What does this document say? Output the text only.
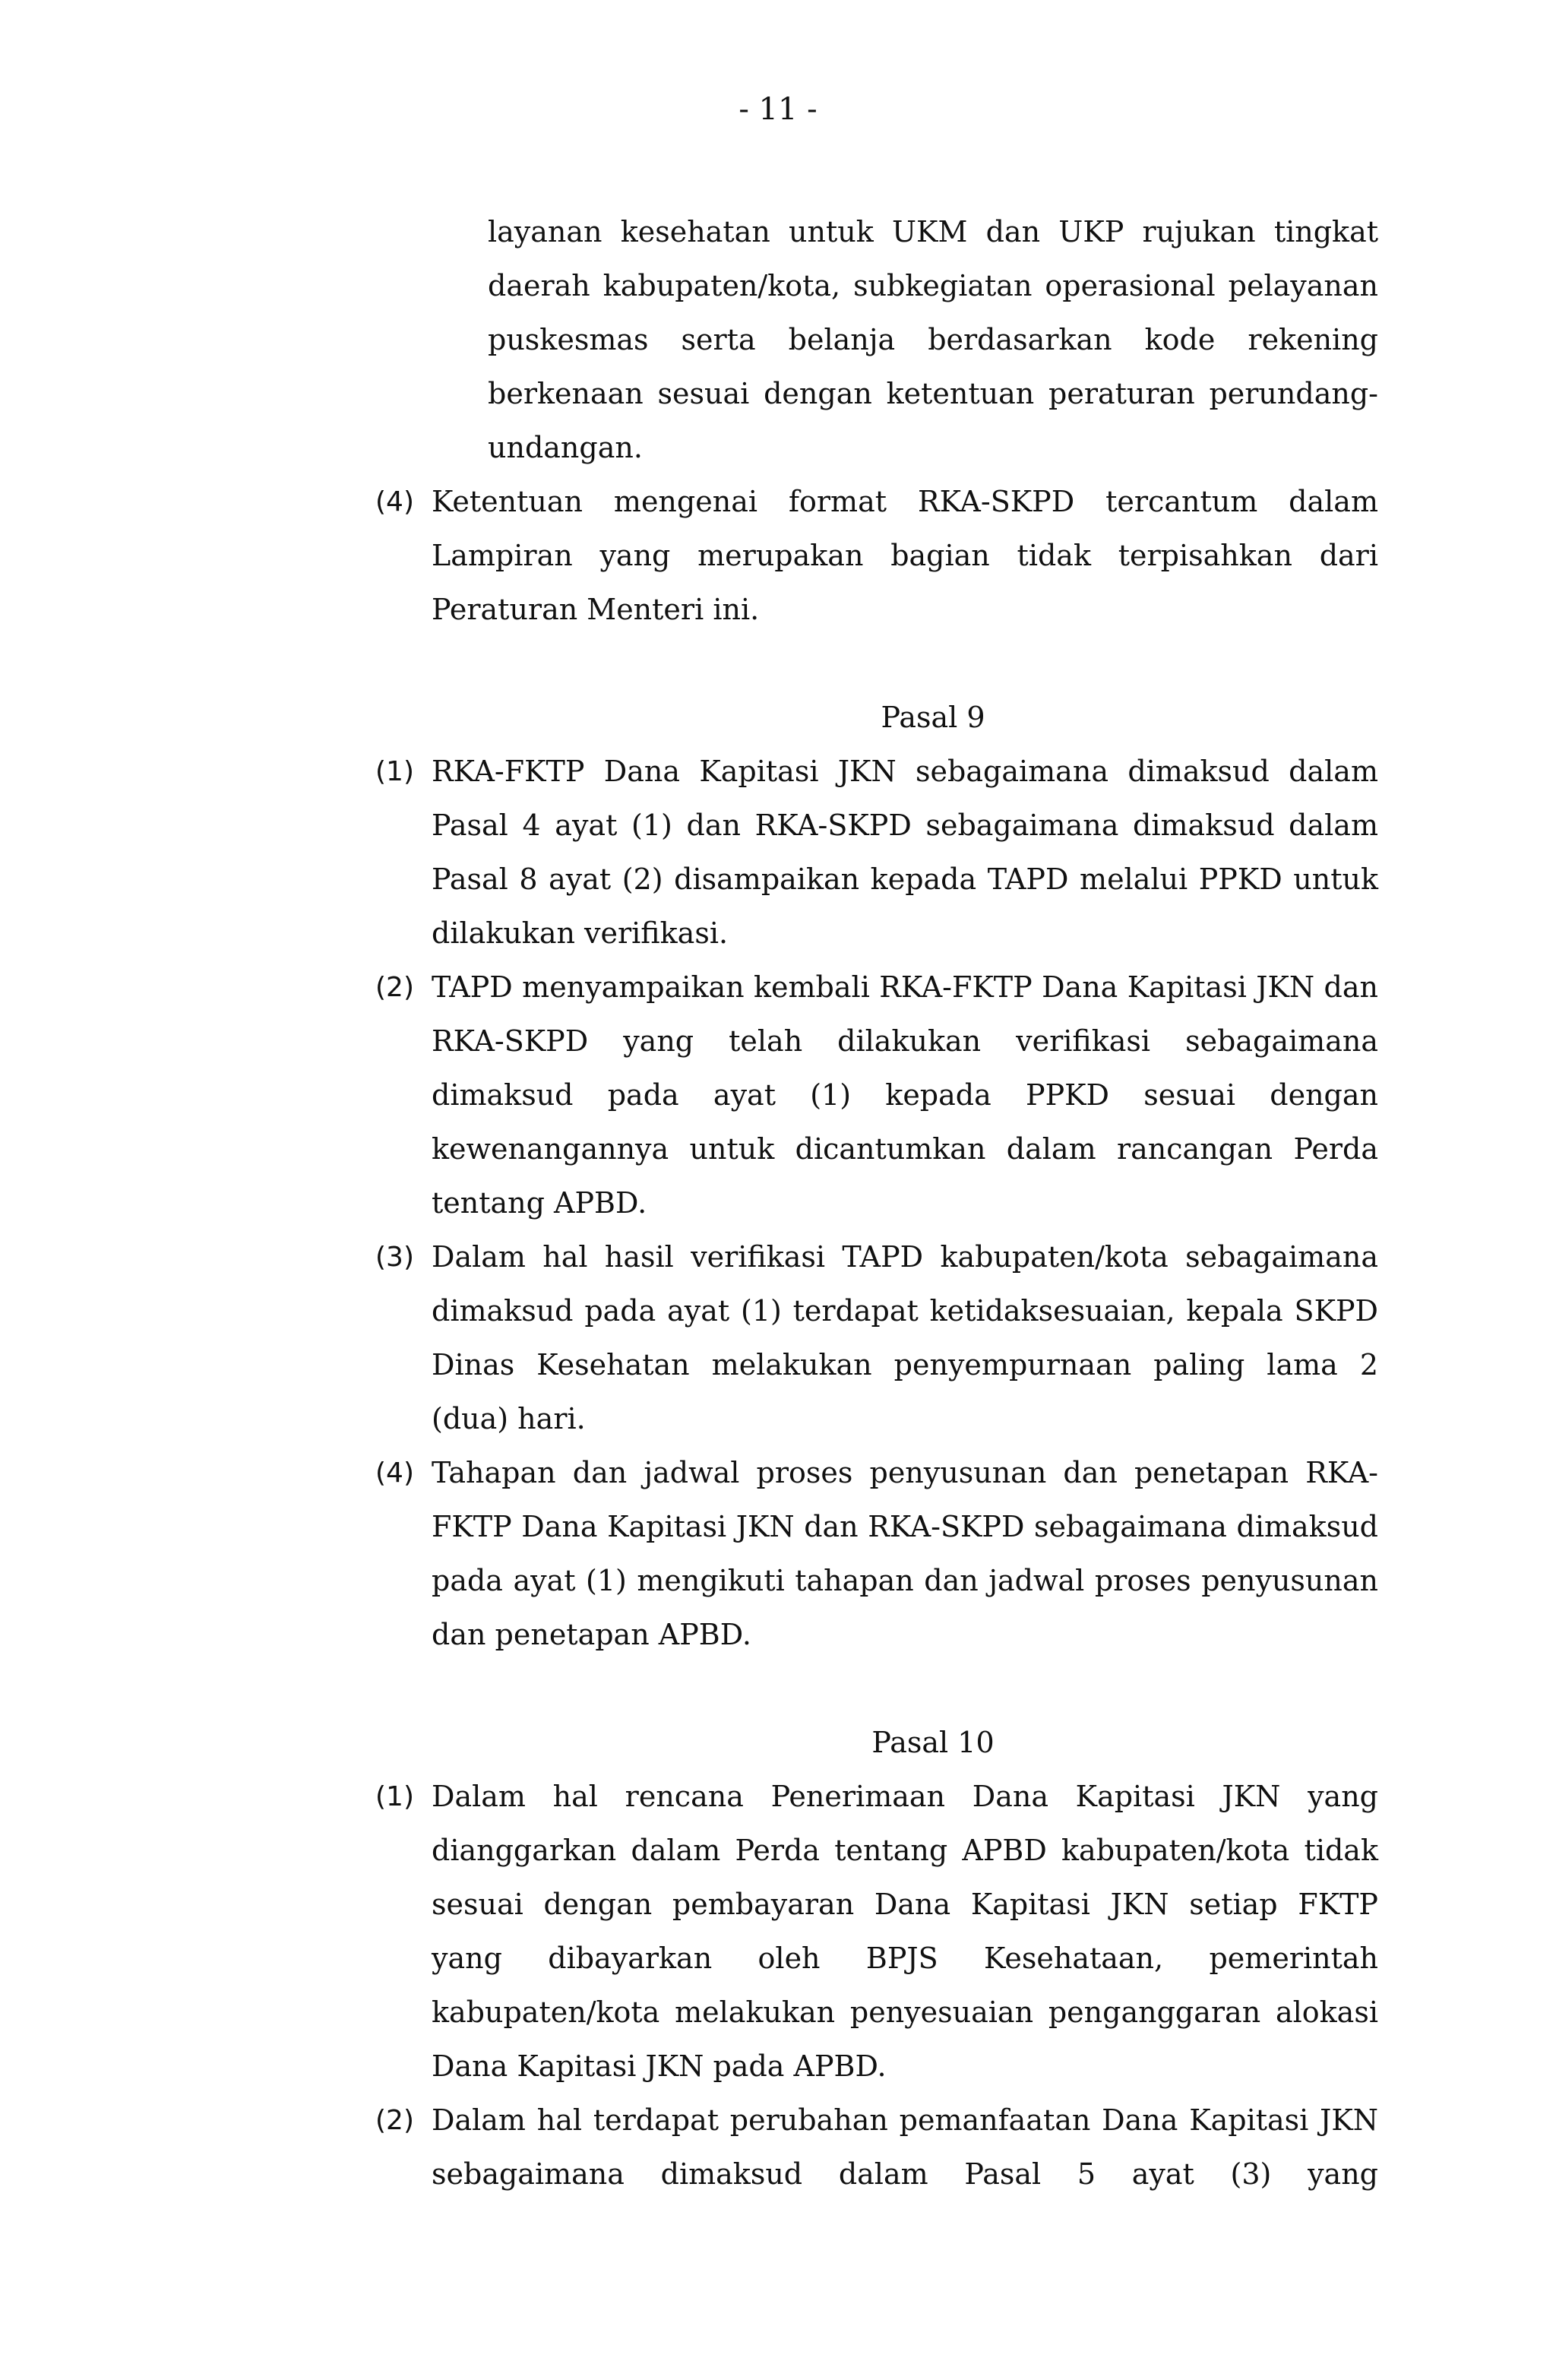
- 11 -
layanan kesehatan untuk UKM dan UKP rujukan tingkat daerah kabupaten/kota, subkegiatan operasional pelayanan puskesmas serta belanja berdasarkan kode rekening berkenaan sesuai dengan ketentuan peraturan perundang-undangan.
(4) Ketentuan mengenai format RKA-SKPD tercantum dalam Lampiran yang merupakan bagian tidak terpisahkan dari Peraturan Menteri ini.
Pasal 9
(1) RKA-FKTP Dana Kapitasi JKN sebagaimana dimaksud dalam Pasal 4 ayat (1) dan RKA-SKPD sebagaimana dimaksud dalam Pasal 8 ayat (2) disampaikan kepada TAPD melalui PPKD untuk dilakukan verifikasi.
(2) TAPD menyampaikan kembali RKA-FKTP Dana Kapitasi JKN dan RKA-SKPD yang telah dilakukan verifikasi sebagaimana dimaksud pada ayat (1) kepada PPKD sesuai dengan kewenangannya untuk dicantumkan dalam rancangan Perda tentang APBD.
(3) Dalam hal hasil verifikasi TAPD kabupaten/kota sebagaimana dimaksud pada ayat (1) terdapat ketidaksesuaian, kepala SKPD Dinas Kesehatan melakukan penyempurnaan paling lama 2 (dua) hari.
(4) Tahapan dan jadwal proses penyusunan dan penetapan RKA-FKTP Dana Kapitasi JKN dan RKA-SKPD sebagaimana dimaksud pada ayat (1) mengikuti tahapan dan jadwal proses penyusunan dan penetapan APBD.
Pasal 10
(1) Dalam hal rencana Penerimaan Dana Kapitasi JKN yang dianggarkan dalam Perda tentang APBD kabupaten/kota tidak sesuai dengan pembayaran Dana Kapitasi JKN setiap FKTP yang dibayarkan oleh BPJS Kesehataan, pemerintah kabupaten/kota melakukan penyesuaian penganggaran alokasi Dana Kapitasi JKN pada APBD.
(2) Dalam hal terdapat perubahan pemanfaatan Dana Kapitasi JKN sebagaimana dimaksud dalam Pasal 5 ayat (3) yang
